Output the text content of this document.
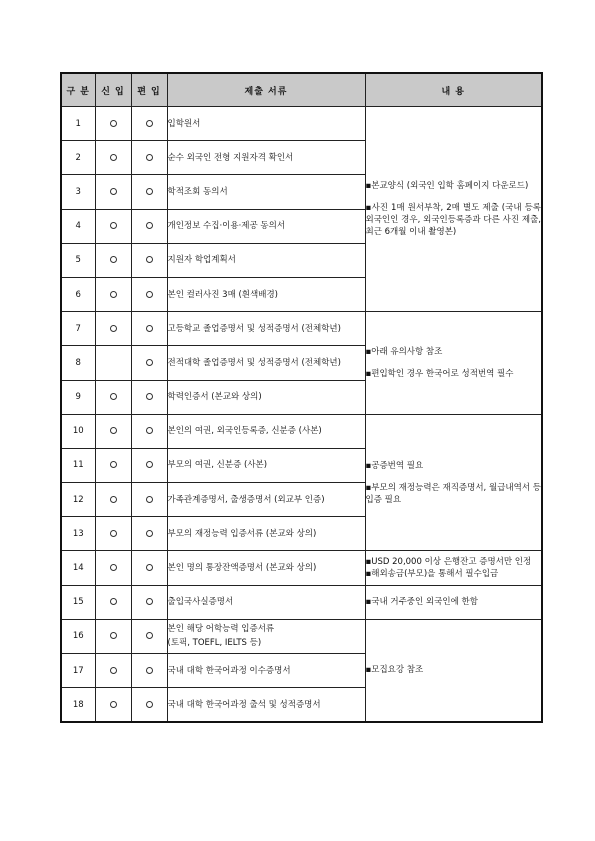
구 분	신 입	편 입	제출 서류	내 용
1			입학원서	▪본교양식 (외국인 입학 홈페이지 다운로드)

▪사진 1매 원서부착, 2매 별도 제출 (국내 등록 외국인인 경우, 외국인등록증과 다른 사진 제출, 최근 6개월 이내 촬영본)

2			순수 외국인 전형 지원자격 확인서	
3			학적조회 동의서	
4			개인정보 수집·이용·제공 동의서	
5			지원자 학업계획서	
6			본인 컬러사진 3매 (흰색배경)	
7			고등학교 졸업증명서 및 성적증명서 (전체학년)	▪아래 유의사항 참조

▪편입학인 경우 한국어로 성적번역 필수

8			전적대학 졸업증명서 및 성적증명서 (전체학년)	
9			학력인증서 (본교와 상의)	
10			본인의 여권, 외국인등록증, 신분증 (사본)	▪공증번역 필요

▪부모의 재정능력은 재직증명서, 월급내역서 등 입증 필요

11			부모의 여권, 신분증 (사본)	
12			가족관계증명서, 출생증명서 (외교부 인증)	
13			부모의 재정능력 입증서류 (본교와 상의)	
14			본인 명의 통장잔액증명서 (본교와 상의)	▪USD 20,000 이상 은행잔고 증명서만 인정

▪해외송금(부모)을 통해서 필수입금

15			출입국사실증명서	▪국내 거주중인 외국인에 한함

16			본인 해당 어학능력 입증서류
(토픽, TOEFL, IELTS 등)	▪모집요강 참조

17			국내 대학 한국어과정 이수증명서	
18			국내 대학 한국어과정 출석 및 성적증명서	
